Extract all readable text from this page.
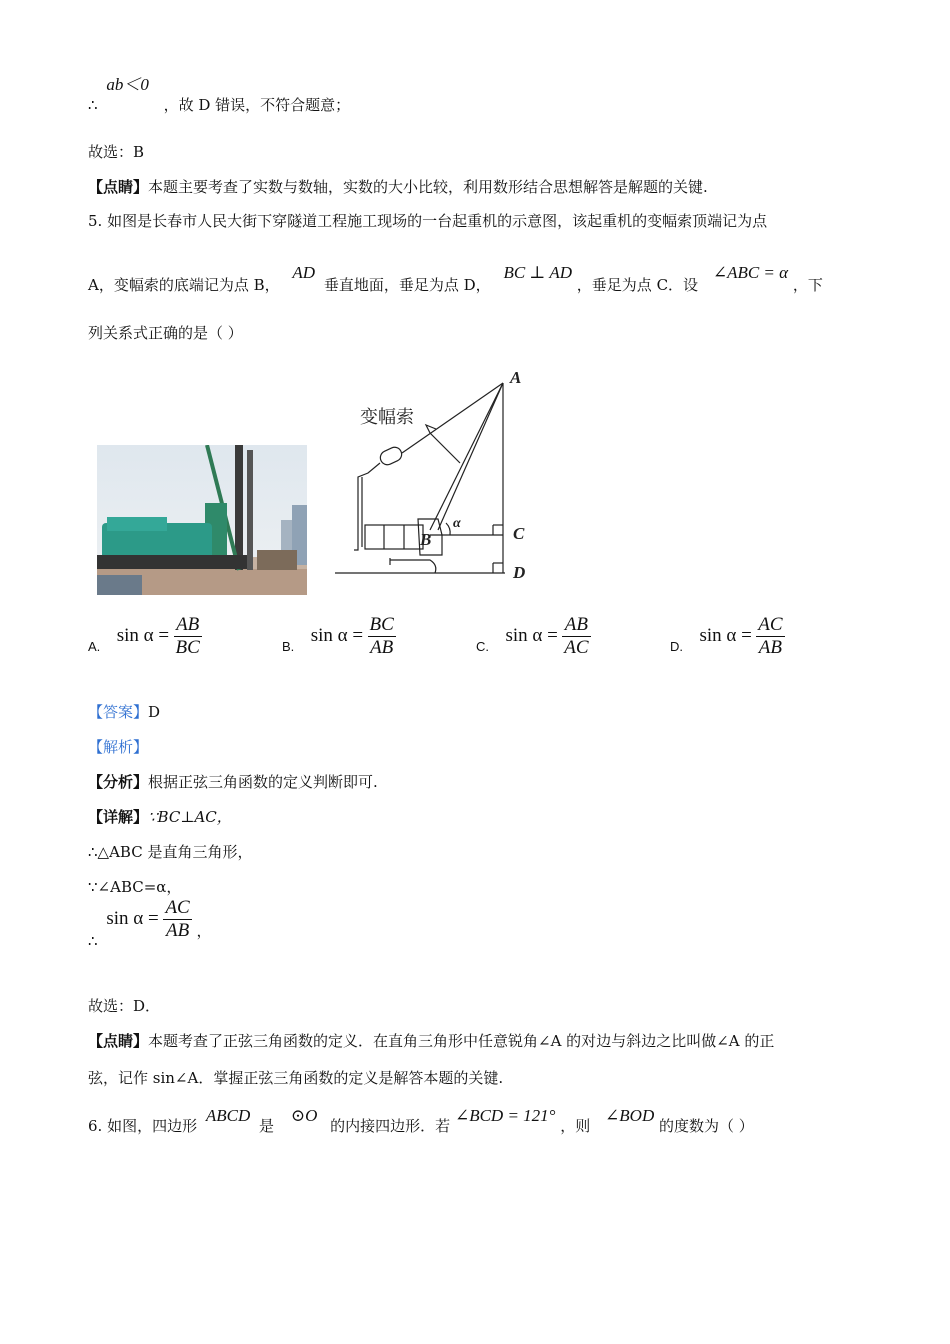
∴ ab＜0 ，故 D 错误，不符合题意；
故选：B
【点睛】本题主要考查了实数与数轴，实数的大小比较，利用数形结合思想解答是解题的关键.
5. 如图是长春市人民大街下穿隧道工程施工现场的一台起重机的示意图，该起重机的变幅索顶端记为点
A，变幅索的底端记为点 B， AD 垂直地面，垂足为点 D， BC ⊥ AD ，垂足为点 C．设 ∠ABC = α ，下
列关系式正确的是（ ）
变幅索
A
B	C
D
α
A. $\sin \alpha = \frac{AB}{BC}$	B. $\sin \alpha = \frac{BC}{AB}$	C. $\sin \alpha = \frac{AB}{AC}$	D. $\sin \alpha = \frac{AC}{AB}$
【答案】D
【解析】
【分析】根据正弦三角函数的定义判断即可.
【详解】∵BC⊥AC，
∴△ABC 是直角三角形，
∵∠ABC=α，
∴ $\sin \alpha = \frac{AC}{AB}$ ，
故选：D．
【点睛】本题考查了正弦三角函数的定义．在直角三角形中任意锐角∠A 的对边与斜边之比叫做∠A 的正
弦，记作 sin∠A．掌握正弦三角函数的定义是解答本题的关键.
6. 如图，四边形 ABCD 是 ⊙O 的内接四边形．若 ∠BCD = 121° ，则 ∠BOD 的度数为（ ）
